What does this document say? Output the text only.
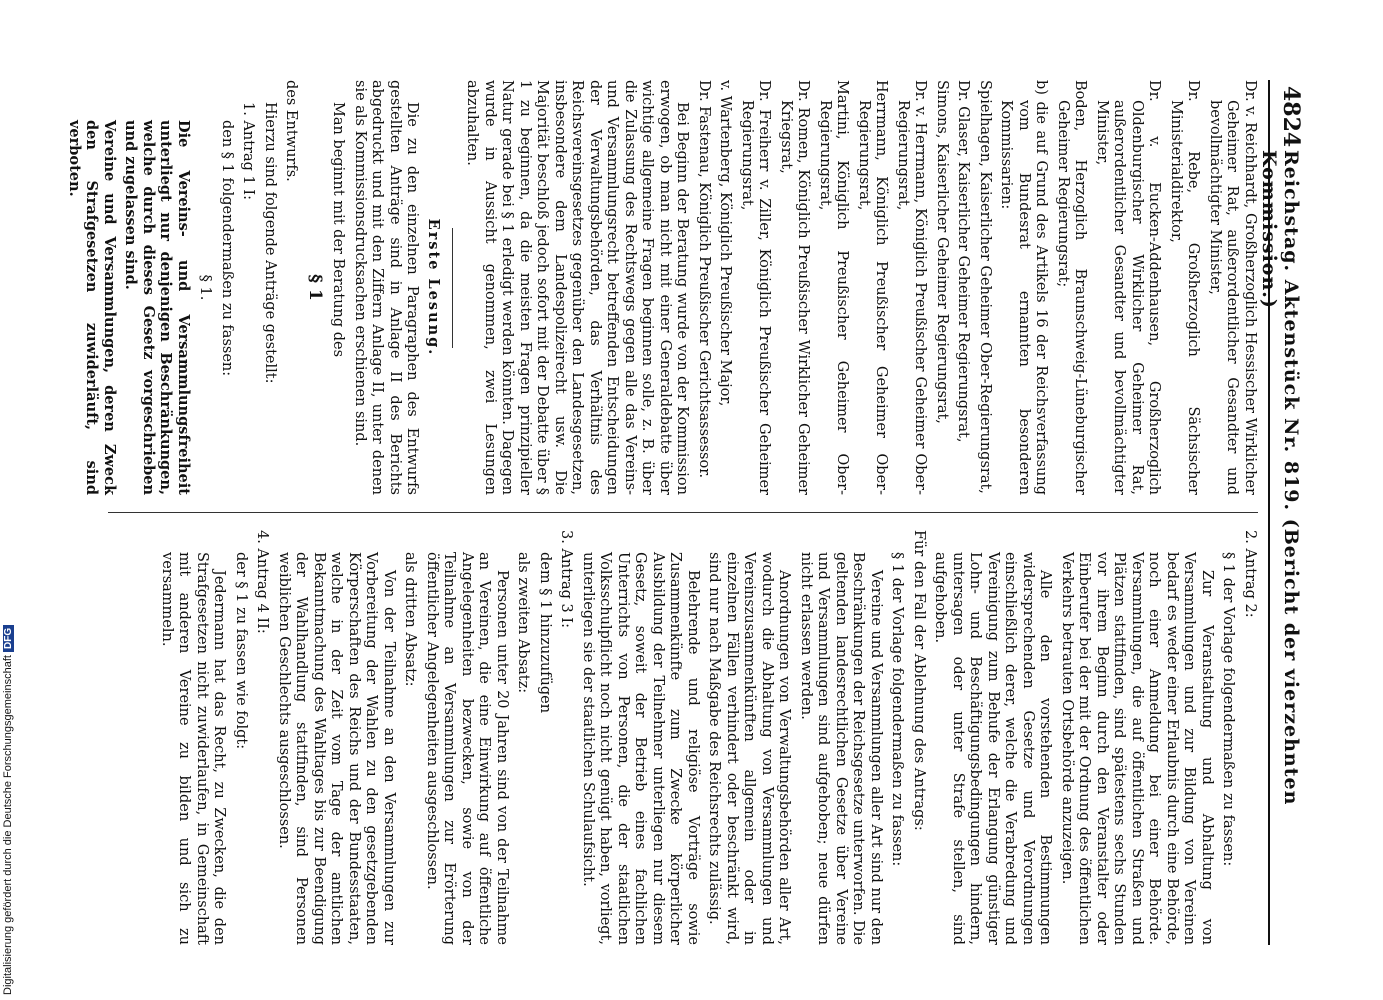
4824
Reichstag. Aktenstück Nr. 819. (Bericht der vierzehnten Kommission.)

Dr. v. Reichhardt, Großherzoglich Hessischer Wirklicher Geheimer Rat, außerordentlicher Gesandter und bevollmächtigter Minister,

Dr. Rebe, Großherzoglich Sächsischer Ministerialdirektor,

Dr. v. Eucken-Addenhausen, Großherzoglich Oldenburgischer Wirklicher Geheimer Rat, außerordentlicher Gesandter und bevollmächtigter Minister,

Boden, Herzoglich Braunschweig-Lüneburgischer Geheimer Regierungsrat;

b) die auf Grund des Artikels 16 der Reichsverfassung vom Bundesrat ernannten besonderen Kommissarien:

Spielhagen, Kaiserlicher Geheimer Ober-Regierungsrat,

Dr. Glaser, Kaiserlicher Geheimer Regierungsrat,

Simons, Kaiserlicher Geheimer Regierungsrat,

Dr. v. Herrmann, Königlich Preußischer Geheimer Ober-Regierungsrat,

Herrmann, Königlich Preußischer Geheimer Ober-Regierungsrat,

Martini, Königlich Preußischer Geheimer Ober-Regierungsrat,

Dr. Romen, Königlich Preußischer Wirklicher Geheimer Kriegsrat,

Dr. Freiherr v. Ziller, Königlich Preußischer Geheimer Regierungsrat,

v. Wartenberg, Königlich Preußischer Major,

Dr. Fastenau, Königlich Preußischer Gerichtsassessor.

Bei Beginn der Beratung wurde von der Kommission erwogen, ob man nicht mit einer Generaldebatte über wichtige allgemeine Fragen beginnen solle, z. B. über die Zulassung des Rechtswegs gegen alle das Vereins- und Versammlungsrecht betreffenden Entscheidungen der Verwaltungsbehörden, das Verhältnis des Reichsvereinsgesetzes gegenüber den Landesgesetzen, insbesondere dem Landespolizeirecht usw. Die Majorität beschloß jedoch sofort mit der Debatte über § 1 zu beginnen, da die meisten Fragen prinzipieller Natur gerade bei § 1 erledigt werden könnten. Dagegen wurde in Aussicht genommen, zwei Lesungen abzuhalten.

Erste Lesung.

Die zu den einzelnen Paragraphen des Entwurfs gestellten Anträge sind in Anlage II des Berichts abgedruckt und mit den Ziffern Anlage II, unter denen sie als Kommissionsdrucksachen erschienen sind.

Man beginnt mit der Beratung des

§ 1

des Entwurfs.

Hierzu sind folgende Anträge gestellt:

1. Antrag 1 I:

den § 1 folgendermaßen zu fassen:

§ 1.

Die Vereins- und Versammlungsfreiheit unterliegt nur denjenigen Beschränkungen, welche durch dieses Gesetz vorgeschrieben und zugelassen sind.

Vereine und Versammlungen, deren Zweck den Strafgesetzen zuwiderläuft, sind verboten.

2. Antrag 2:

§ 1 der Vorlage folgendermaßen zu fassen:

Zur Veranstaltung und Abhaltung von Versammlungen und zur Bildung von Vereinen bedarf es weder einer Erlaubnis durch eine Behörde, noch einer Anmeldung bei einer Behörde. Versammlungen, die auf öffentlichen Straßen und Plätzen stattfinden, sind spätestens sechs Stunden vor ihrem Beginn durch den Veranstalter oder Einberufer bei der mit der Ordnung des öffentlichen Verkehrs betrauten Ortsbehörde anzuzeigen.

Alle den vorstehenden Bestimmungen widersprechenden Gesetze und Verordnungen einschließlich derer, welche die Verabredung und Vereinigung zum Behufe der Erlangung günstiger Lohn- und Beschäftigungsbedingungen hindern, untersagen oder unter Strafe stellen, sind aufgehoben.

Für den Fall der Ablehnung des Antrags:

§ 1 der Vorlage folgendermaßen zu fassen:

Vereine und Versammlungen aller Art sind nur den Beschränkungen der Reichsgesetze unterworfen. Die geltenden landesrechtlichen Gesetze über Vereine und Versammlungen sind aufgehoben; neue dürfen nicht erlassen werden.

Anordnungen von Verwaltungsbehörden aller Art, wodurch die Abhaltung von Versammlungen und Vereinszusammenkünften allgemein oder in einzelnen Fällen verhindert oder beschränkt wird, sind nur nach Maßgabe des Reichsrechts zulässig.

Belehrende und religiöse Vorträge sowie Zusammenkünfte zum Zwecke körperlicher Ausbildung der Teilnehmer unterliegen nur diesem Gesetz, soweit der Betrieb eines fachlichen Unterrichts von Personen, die der staatlichen Volksschulpflicht noch nicht genügt haben, vorliegt, unterliegen sie der staatlichen Schulaufsicht.

3. Antrag 3 I:

dem § 1 hinzuzufügen

als zweiten Absatz:

Personen unter 20 Jahren sind von der Teilnahme an Vereinen, die eine Einwirkung auf öffentliche Angelegenheiten bezwecken, sowie von der Teilnahme an Versammlungen zur Erörterung öffentlicher Angelegenheiten ausgeschlossen.

als dritten Absatz:

Von der Teilnahme an den Versammlungen zur Vorbereitung der Wahlen zu den gesetzgebenden Körperschaften des Reichs und der Bundesstaaten, welche in der Zeit vom Tage der amtlichen Bekanntmachung des Wahltages bis zur Beendigung der Wahlhandlung stattfinden, sind Personen weiblichen Geschlechts ausgeschlossen.

4. Antrag 4 II:

der § 1 zu fassen wie folgt:

Jedermann hat das Recht, zu Zwecken, die den Strafgesetzen nicht zuwiderlaufen, in Gemeinschaft mit anderen Vereine zu bilden und sich zu versammeln.

Digitalisierung gefördert durch die Deutsche Forschungsgemeinschaft DFG
